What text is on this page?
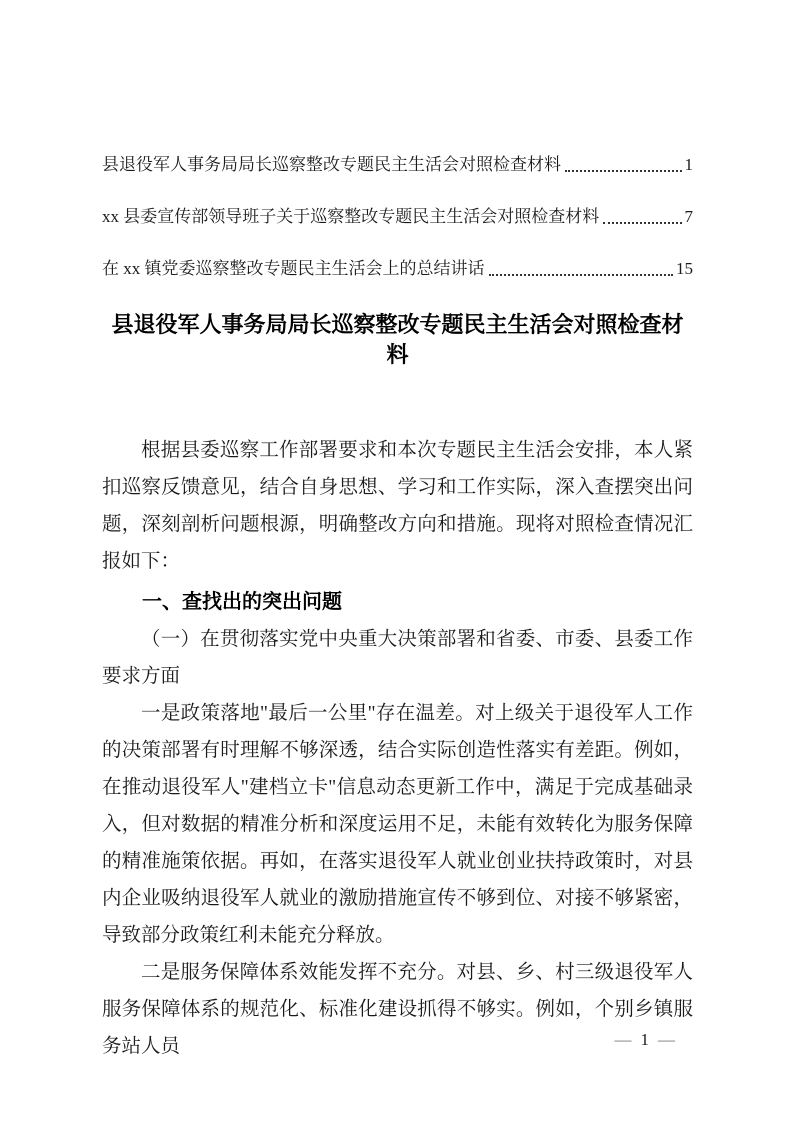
县退役军人事务局局长巡察整改专题民主生活会对照检查材料	1
xx 县委宣传部领导班子关于巡察整改专题民主生活会对照检查材料	7
在 xx 镇党委巡察整改专题民主生活会上的总结讲话	15
县退役军人事务局局长巡察整改专题民主生活会对照检查材料

根据县委巡察工作部署要求和本次专题民主生活会安排，本人紧扣巡察反馈意见，结合自身思想、学习和工作实际，深入查摆突出问题，深刻剖析问题根源，明确整改方向和措施。现将对照检查情况汇报如下：

一、查找出的突出问题

（一）在贯彻落实党中央重大决策部署和省委、市委、县委工作要求方面

一是政策落地"最后一公里"存在温差。对上级关于退役军人工作的决策部署有时理解不够深透，结合实际创造性落实有差距。例如，在推动退役军人"建档立卡"信息动态更新工作中，满足于完成基础录入，但对数据的精准分析和深度运用不足，未能有效转化为服务保障的精准施策依据。再如，在落实退役军人就业创业扶持政策时，对县内企业吸纳退役军人就业的激励措施宣传不够到位、对接不够紧密，导致部分政策红利未能充分释放。

二是服务保障体系效能发挥不充分。对县、乡、村三级退役军人服务保障体系的规范化、标准化建设抓得不够实。例如，个别乡镇服务站人员	— 1 —
